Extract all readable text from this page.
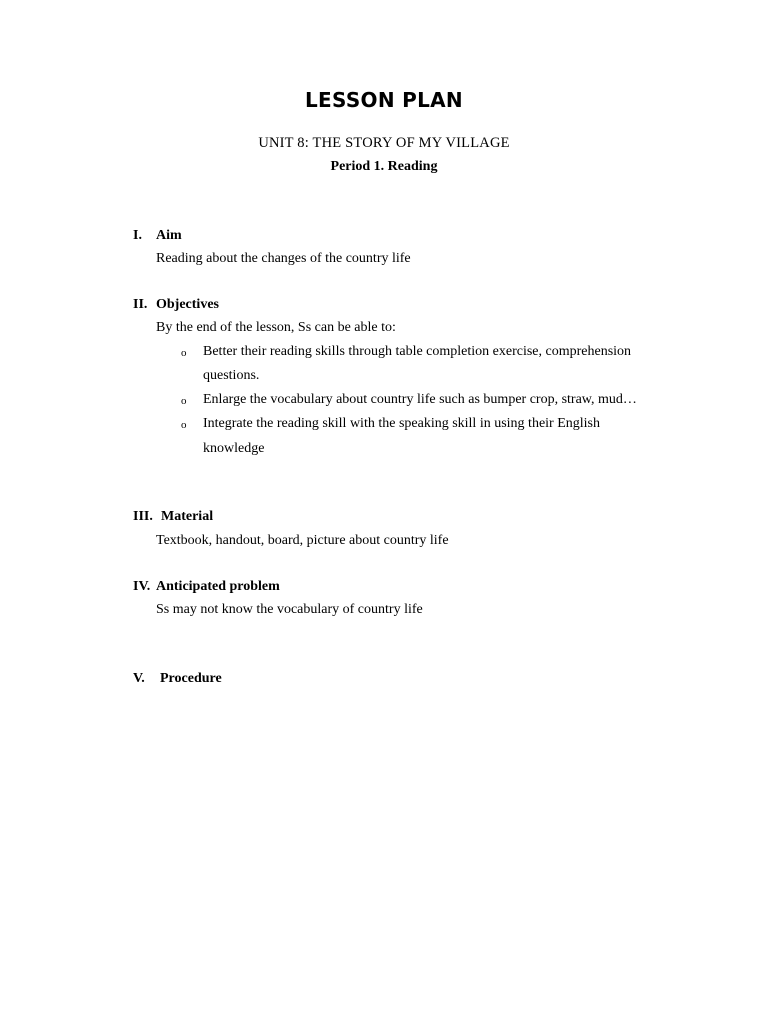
LESSON PLAN
UNIT 8: THE STORY OF MY VILLAGE
Period 1. Reading
I. Aim
Reading about the changes of the country life
II. Objectives
By the end of the lesson, Ss can be able to:
o Better their reading skills through table completion exercise, comprehension
questions.
o Enlarge the vocabulary about country life such as bumper crop, straw, mud…
o Integrate the reading skill with the speaking skill in using their English
knowledge
III. Material
Textbook, handout, board, picture about country life
IV. Anticipated problem
Ss may not know the vocabulary of country life
V. Procedure
